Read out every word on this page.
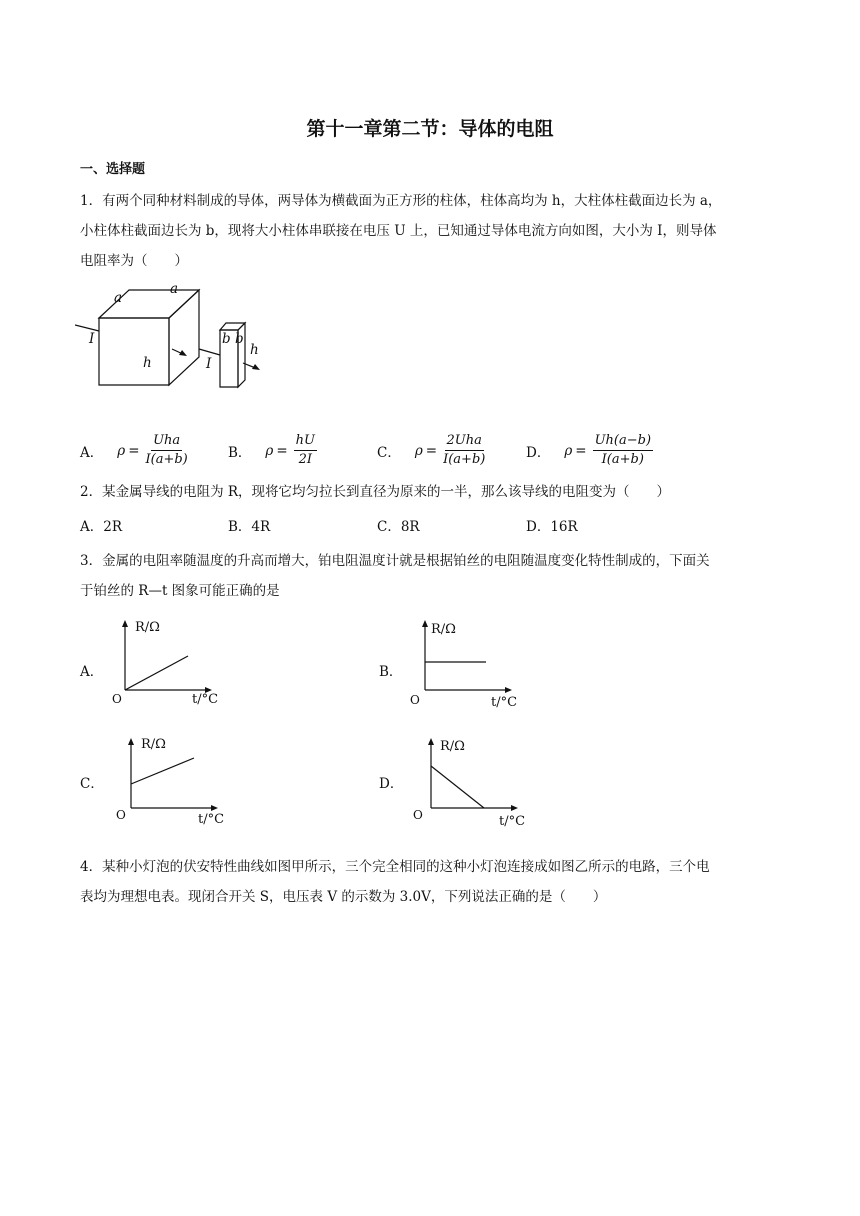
第十一章第二节：导体的电阻
一、选择题
1．有两个同种材料制成的导体，两导体为横截面为正方形的柱体，柱体高均为 h，大柱体柱截面边长为 a，
小柱体柱截面边长为 b，现将大小柱体串联接在电压 U 上，已知通过导体电流方向如图，大小为 I，则导体
电阻率为（　　）
a
a
I
h	I
b b
h
A． $\rho = \frac{\text{Uha}}{I(a+b)}$	B． $\rho = \frac{hU}{2I}$	C． $\rho = \frac{\text{2Uha}}{I(a+b)}$	D． $\rho = \frac{Uh(a-b)}{I(a+b)}$
2．某金属导线的电阻为 R，现将它均匀拉长到直径为原来的一半，那么该导线的电阻变为（　　）
A．2R	B．4R	C．8R	D．16R
3．金属的电阻率随温度的升高而增大，铂电阻温度计就是根据铂丝的电阻随温度变化特性制成的，下面关
于铂丝的 R—t 图象可能正确的是
A．	B．
C．	D．
R/Ω
O	t/°C
R/Ω
O	t/°C
R/Ω
O	t/°C
R/Ω
O	t/°C
4．某种小灯泡的伏安特性曲线如图甲所示，三个完全相同的这种小灯泡连接成如图乙所示的电路，三个电
表均为理想电表。现闭合开关 S，电压表 V 的示数为 3.0V，下列说法正确的是（　　）
